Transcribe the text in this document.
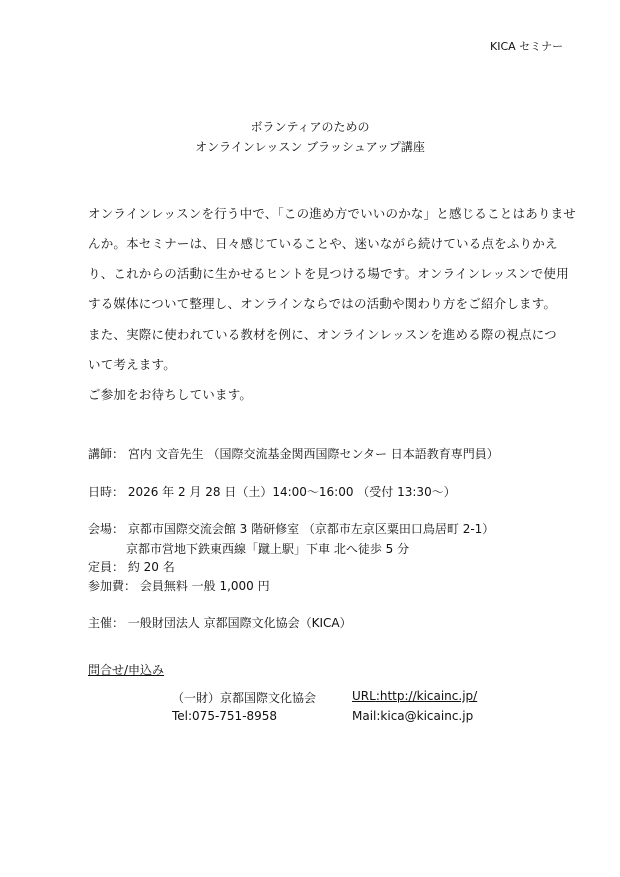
KICA セミナー
ボランティアのための
オンラインレッスン ブラッシュアップ講座
オンラインレッスンを行う中で、「この進め方でいいのかな」と感じることはありませ
んか。本セミナーは、日々感じていることや、迷いながら続けている点をふりかえ
り、これからの活動に生かせるヒントを見つける場です。オンラインレッスンで使用
する媒体について整理し、オンラインならではの活動や関わり方をご紹介します。
また、実際に使われている教材を例に、オンラインレッスンを進める際の視点につ
いて考えます。
ご参加をお待ちしています。
講師： 宮内 文音先生 （国際交流基金関西国際センター 日本語教育専門員）
日時： 2026 年 2 月 28 日（土）14:00～16:00 （受付 13:30～）
会場： 京都市国際交流会館 3 階研修室 （京都市左京区粟田口鳥居町 2-1）
京都市営地下鉄東西線「蹴上駅」下車 北へ徒歩 5 分
定員： 約 20 名
参加費： 会員無料 一般 1,000 円
主催： 一般財団法人 京都国際文化協会（KICA）
問合せ/申込み
（一財）京都国際文化協会
Tel:075-751-8958
URL:http://kicainc.jp/
Mail:kica@kicainc.jp
